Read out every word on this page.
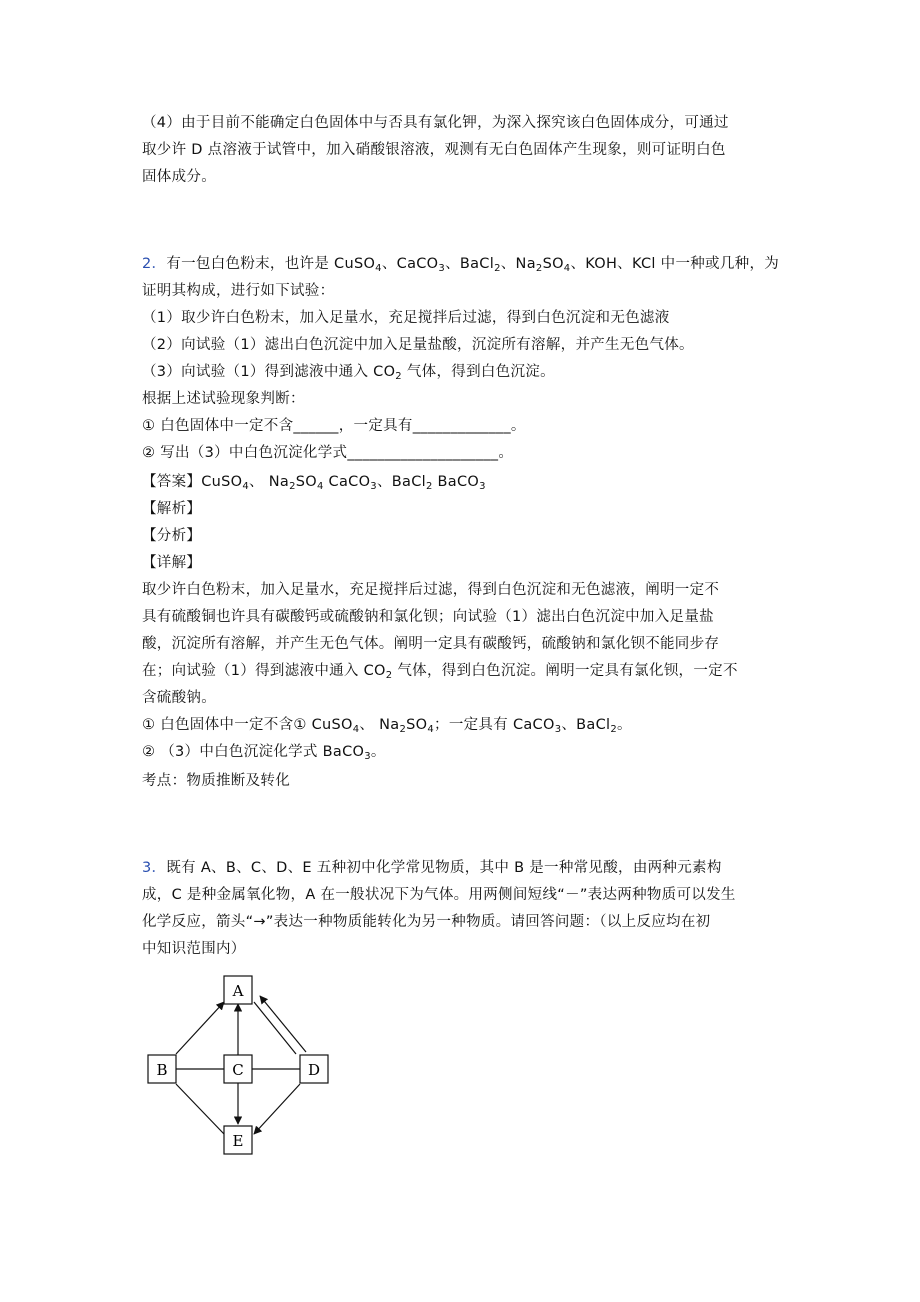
（4）由于目前不能确定白色固体中与否具有氯化钾，为深入探究该白色固体成分，可通过
取少许 D 点溶液于试管中，加入硝酸银溶液，观测有无白色固体产生现象，则可证明白色
固体成分。
2．有一包白色粉末，也许是 CuSO$_4$、CaCO$_3$、BaCl$_2$、$Na_2SO_4$、KOH、KCl 中一种或几种，为
证明其构成，进行如下试验：
（1）取少许白色粉末，加入足量水，充足搅拌后过滤，得到白色沉淀和无色滤液
（2）向试验（1）滤出白色沉淀中加入足量盐酸，沉淀所有溶解，并产生无色气体。
（3）向试验（1）得到滤液中通入 $CO_2$ 气体，得到白色沉淀。
根据上述试验现象判断：
① 白色固体中一定不含______，一定具有_____________。
② 写出（3）中白色沉淀化学式____________________。
【答案】CuSO$_4$、 $Na_2SO_4$ CaCO$_3$、BaCl$_2$ BaCO$_3$
【解析】
【分析】
【详解】
取少许白色粉末，加入足量水，充足搅拌后过滤，得到白色沉淀和无色滤液，阐明一定不
具有硫酸铜也许具有碳酸钙或硫酸钠和氯化钡；向试验（1）滤出白色沉淀中加入足量盐
酸，沉淀所有溶解，并产生无色气体。阐明一定具有碳酸钙，硫酸钠和氯化钡不能同步存
在；向试验（1）得到滤液中通入 $CO_2$ 气体，得到白色沉淀。阐明一定具有氯化钡，一定不
含硫酸钠。
① 白色固体中一定不含① CuSO$_4$、 $Na_2SO_4$；一定具有 CaCO$_3$、BaCl$_2$。
② （3）中白色沉淀化学式 BaCO$_3$。
考点：物质推断及转化
3．既有 A、B、C、D、E 五种初中化学常见物质，其中 B 是一种常见酸，由两种元素构
成，C 是种金属氧化物，A 在一般状况下为气体。用两侧间短线“－”表达两种物质可以发生
化学反应，箭头“→”表达一种物质能转化为另一种物质。请回答问题：（以上反应均在初
中知识范围内）
A
B	C	D
E
